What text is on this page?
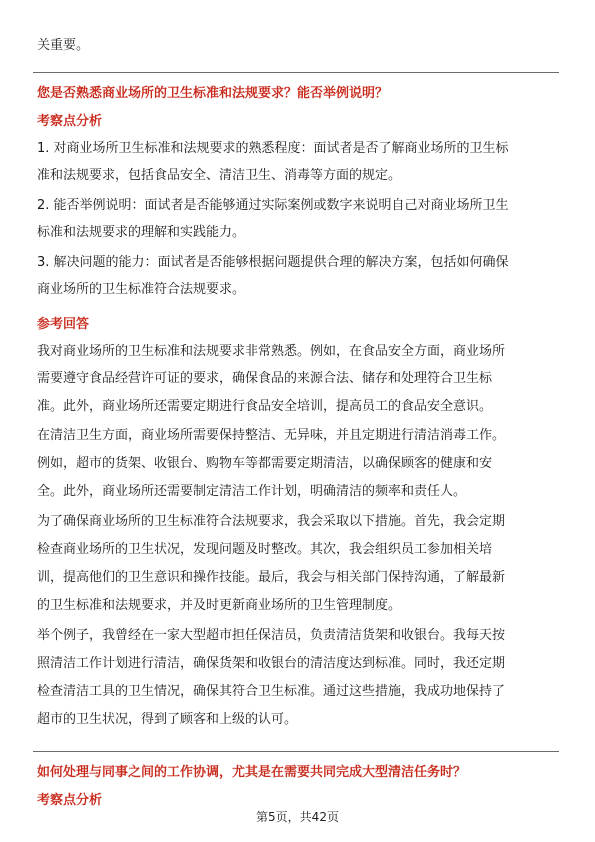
关重要。
您是否熟悉商业场所的卫生标准和法规要求？能否举例说明？
考察点分析
1. 对商业场所卫生标准和法规要求的熟悉程度：面试者是否了解商业场所的卫生标
准和法规要求，包括食品安全、清洁卫生、消毒等方面的规定。
2. 能否举例说明：面试者是否能够通过实际案例或数字来说明自己对商业场所卫生
标准和法规要求的理解和实践能力。
3. 解决问题的能力：面试者是否能够根据问题提供合理的解决方案，包括如何确保
商业场所的卫生标准符合法规要求。
参考回答
我对商业场所的卫生标准和法规要求非常熟悉。例如，在食品安全方面，商业场所
需要遵守食品经营许可证的要求，确保食品的来源合法、储存和处理符合卫生标
准。此外，商业场所还需要定期进行食品安全培训，提高员工的食品安全意识。
在清洁卫生方面，商业场所需要保持整洁、无异味，并且定期进行清洁消毒工作。
例如，超市的货架、收银台、购物车等都需要定期清洁，以确保顾客的健康和安
全。此外，商业场所还需要制定清洁工作计划，明确清洁的频率和责任人。
为了确保商业场所的卫生标准符合法规要求，我会采取以下措施。首先，我会定期
检查商业场所的卫生状况，发现问题及时整改。其次，我会组织员工参加相关培
训，提高他们的卫生意识和操作技能。最后，我会与相关部门保持沟通，了解最新
的卫生标准和法规要求，并及时更新商业场所的卫生管理制度。
举个例子，我曾经在一家大型超市担任保洁员，负责清洁货架和收银台。我每天按
照清洁工作计划进行清洁，确保货架和收银台的清洁度达到标准。同时，我还定期
检查清洁工具的卫生情况，确保其符合卫生标准。通过这些措施，我成功地保持了
超市的卫生状况，得到了顾客和上级的认可。
如何处理与同事之间的工作协调，尤其是在需要共同完成大型清洁任务时？
考察点分析
第5页，共42页
